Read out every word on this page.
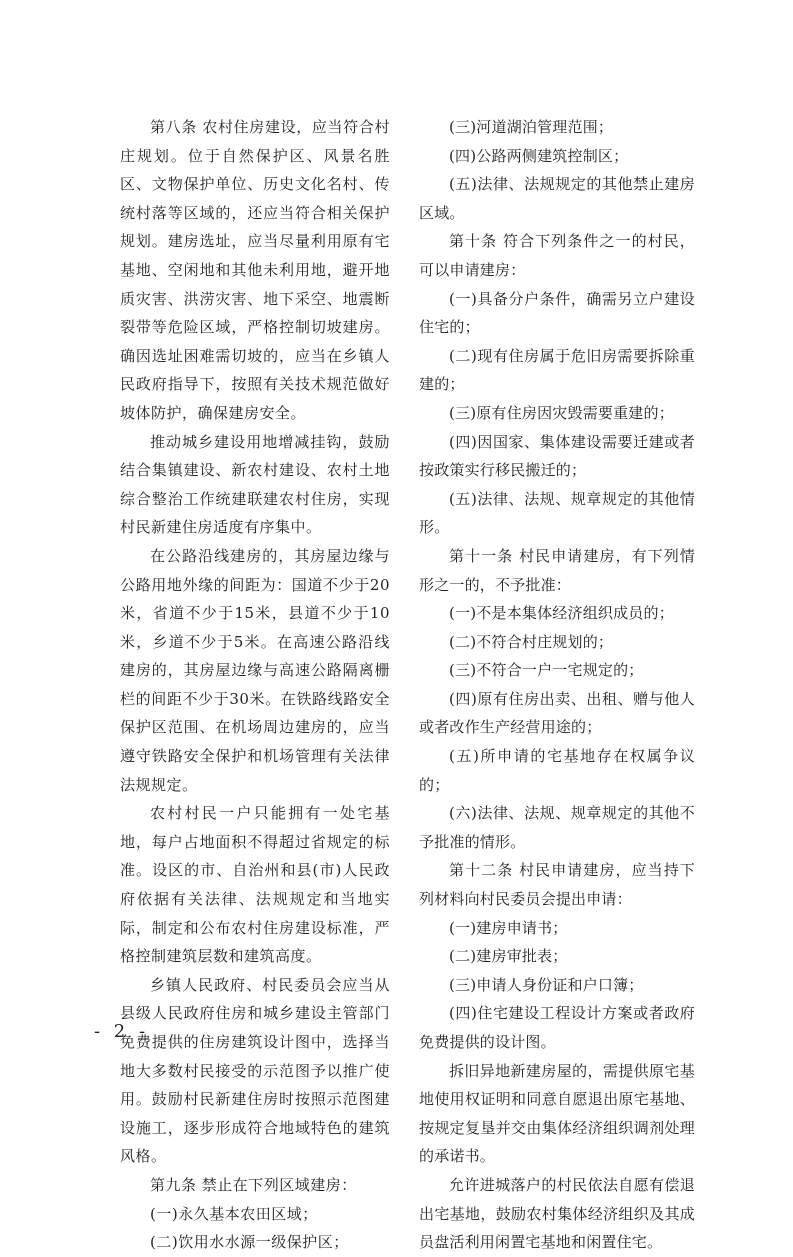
第八条 农村住房建设，应当符合村庄规划。位于自然保护区、风景名胜区、文物保护单位、历史文化名村、传统村落等区域的，还应当符合相关保护规划。建房选址，应当尽量利用原有宅基地、空闲地和其他未利用地，避开地质灾害、洪涝灾害、地下采空、地震断裂带等危险区域，严格控制切坡建房。确因选址困难需切坡的，应当在乡镇人民政府指导下，按照有关技术规范做好坡体防护，确保建房安全。

推动城乡建设用地增减挂钩，鼓励结合集镇建设、新农村建设、农村土地综合整治工作统建联建农村住房，实现村民新建住房适度有序集中。

在公路沿线建房的，其房屋边缘与公路用地外缘的间距为：国道不少于20米，省道不少于15米，县道不少于10米，乡道不少于5米。在高速公路沿线建房的，其房屋边缘与高速公路隔离栅栏的间距不少于30米。在铁路线路安全保护区范围、在机场周边建房的，应当遵守铁路安全保护和机场管理有关法律法规规定。

农村村民一户只能拥有一处宅基地，每户占地面积不得超过省规定的标准。设区的市、自治州和县(市)人民政府依据有关法律、法规规定和当地实际，制定和公布农村住房建设标准，严格控制建筑层数和建筑高度。

乡镇人民政府、村民委员会应当从县级人民政府住房和城乡建设主管部门免费提供的住房建筑设计图中，选择当地大多数村民接受的示范图予以推广使用。鼓励村民新建住房时按照示范图建设施工，逐步形成符合地域特色的建筑风格。

第九条 禁止在下列区域建房：

(一)永久基本农田区域；

(二)饮用水水源一级保护区；

(三)河道湖泊管理范围；

(四)公路两侧建筑控制区；

(五)法律、法规规定的其他禁止建房区域。

第十条 符合下列条件之一的村民，可以申请建房：

(一)具备分户条件，确需另立户建设住宅的；

(二)现有住房属于危旧房需要拆除重建的；

(三)原有住房因灾毁需要重建的；

(四)因国家、集体建设需要迁建或者按政策实行移民搬迁的；

(五)法律、法规、规章规定的其他情形。

第十一条 村民申请建房，有下列情形之一的，不予批准：

(一)不是本集体经济组织成员的；

(二)不符合村庄规划的；

(三)不符合一户一宅规定的；

(四)原有住房出卖、出租、赠与他人或者改作生产经营用途的；

(五)所申请的宅基地存在权属争议的；

(六)法律、法规、规章规定的其他不予批准的情形。

第十二条 村民申请建房，应当持下列材料向村民委员会提出申请：

(一)建房申请书；

(二)建房审批表；

(三)申请人身份证和户口簿；

(四)住宅建设工程设计方案或者政府免费提供的设计图。

拆旧异地新建房屋的，需提供原宅基地使用权证明和同意自愿退出原宅基地、按规定复垦并交由集体经济组织调剂处理的承诺书。

允许进城落户的村民依法自愿有偿退出宅基地，鼓励农村集体经济组织及其成员盘活利用闲置宅基地和闲置住宅。

- 2 -
